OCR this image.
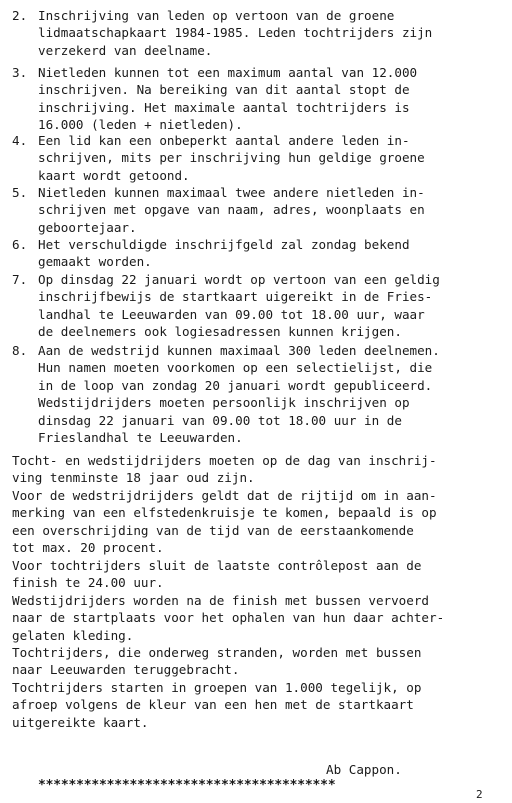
2. Inschrijving van leden op vertoon van de groene
lidmaatschapkaart 1984-1985. Leden tochtrijders zijn
verzekerd van deelname.
3. Nietleden kunnen tot een maximum aantal van 12.000
inschrijven. Na bereiking van dit aantal stopt de
inschrijving. Het maximale aantal tochtrijders is
16.000 (leden + nietleden).
4. Een lid kan een onbeperkt aantal andere leden in-
schrijven, mits per inschrijving hun geldige groene
kaart wordt getoond.
5. Nietleden kunnen maximaal twee andere nietleden in-
schrijven met opgave van naam, adres, woonplaats en
geboortejaar.
6. Het verschuldigde inschrijfgeld zal zondag bekend
gemaakt worden.
7. Op dinsdag 22 januari wordt op vertoon van een geldig
inschrijfbewijs de startkaart uigereikt in de Fries-
landhal te Leeuwarden van 09.00 tot 18.00 uur, waar
de deelnemers ook logiesadressen kunnen krijgen.
8. Aan de wedstrijd kunnen maximaal 300 leden deelnemen.
Hun namen moeten voorkomen op een selectielijst, die
in de loop van zondag 20 januari wordt gepubliceerd.
Wedstijdrijders moeten persoonlijk inschrijven op
dinsdag 22 januari van 09.00 tot 18.00 uur in de
Frieslandhal te Leeuwarden.
Tocht- en wedstijdrijders moeten op de dag van inschrij-
ving tenminste 18 jaar oud zijn.
Voor de wedstrijdrijders geldt dat de rijtijd om in aan-
merking van een elfstedenkruisje te komen, bepaald is op
een overschrijding van de tijd van de eerstaankomende
tot max. 20 procent.
Voor tochtrijders sluit de laatste contrôlepost aan de
finish te 24.00 uur.
Wedstijdrijders worden na de finish met bussen vervoerd
naar de startplaats voor het ophalen van hun daar achter-
gelaten kleding.
Tochtrijders, die onderweg stranden, worden met bussen
naar Leeuwarden teruggebracht.
Tochtrijders starten in groepen van 1.000 tegelijk, op
afroep volgens de kleur van een hen met de startkaart
uitgereikte kaart.
Ab Cappon.
***************************************
2
